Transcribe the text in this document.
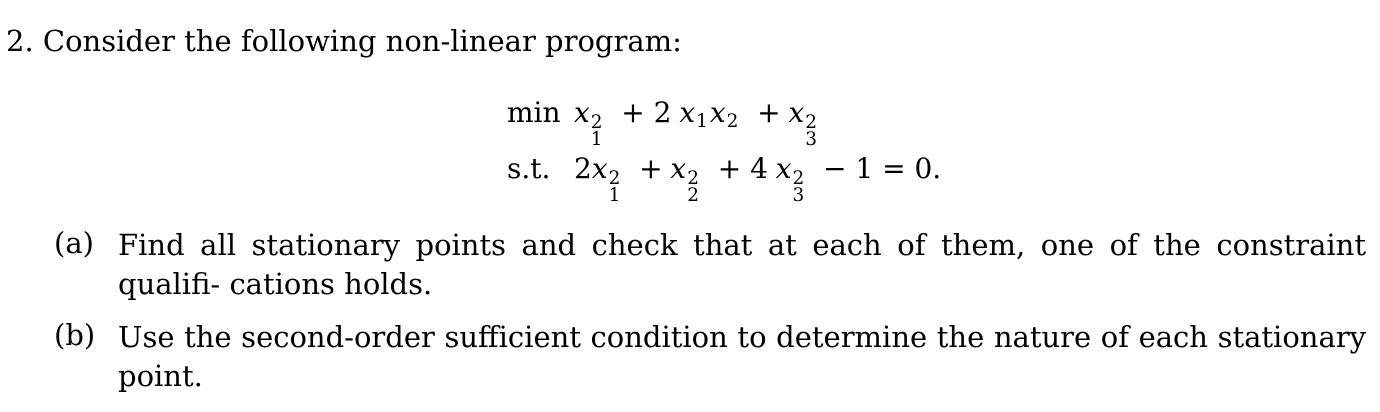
2. Consider the following non-linear program:
min x 2
1
+ 2 $x_1x_2 + x$ 2
3
s.t. 2x 2
1
+ x 2
2
+ 4 x 2
3
− 1 = 0.
(a) Find all stationary points and check that at each of them, one of the constraint qualifi- cations holds.
(b) Use the second-order sufficient condition to determine the nature of each stationary point.
